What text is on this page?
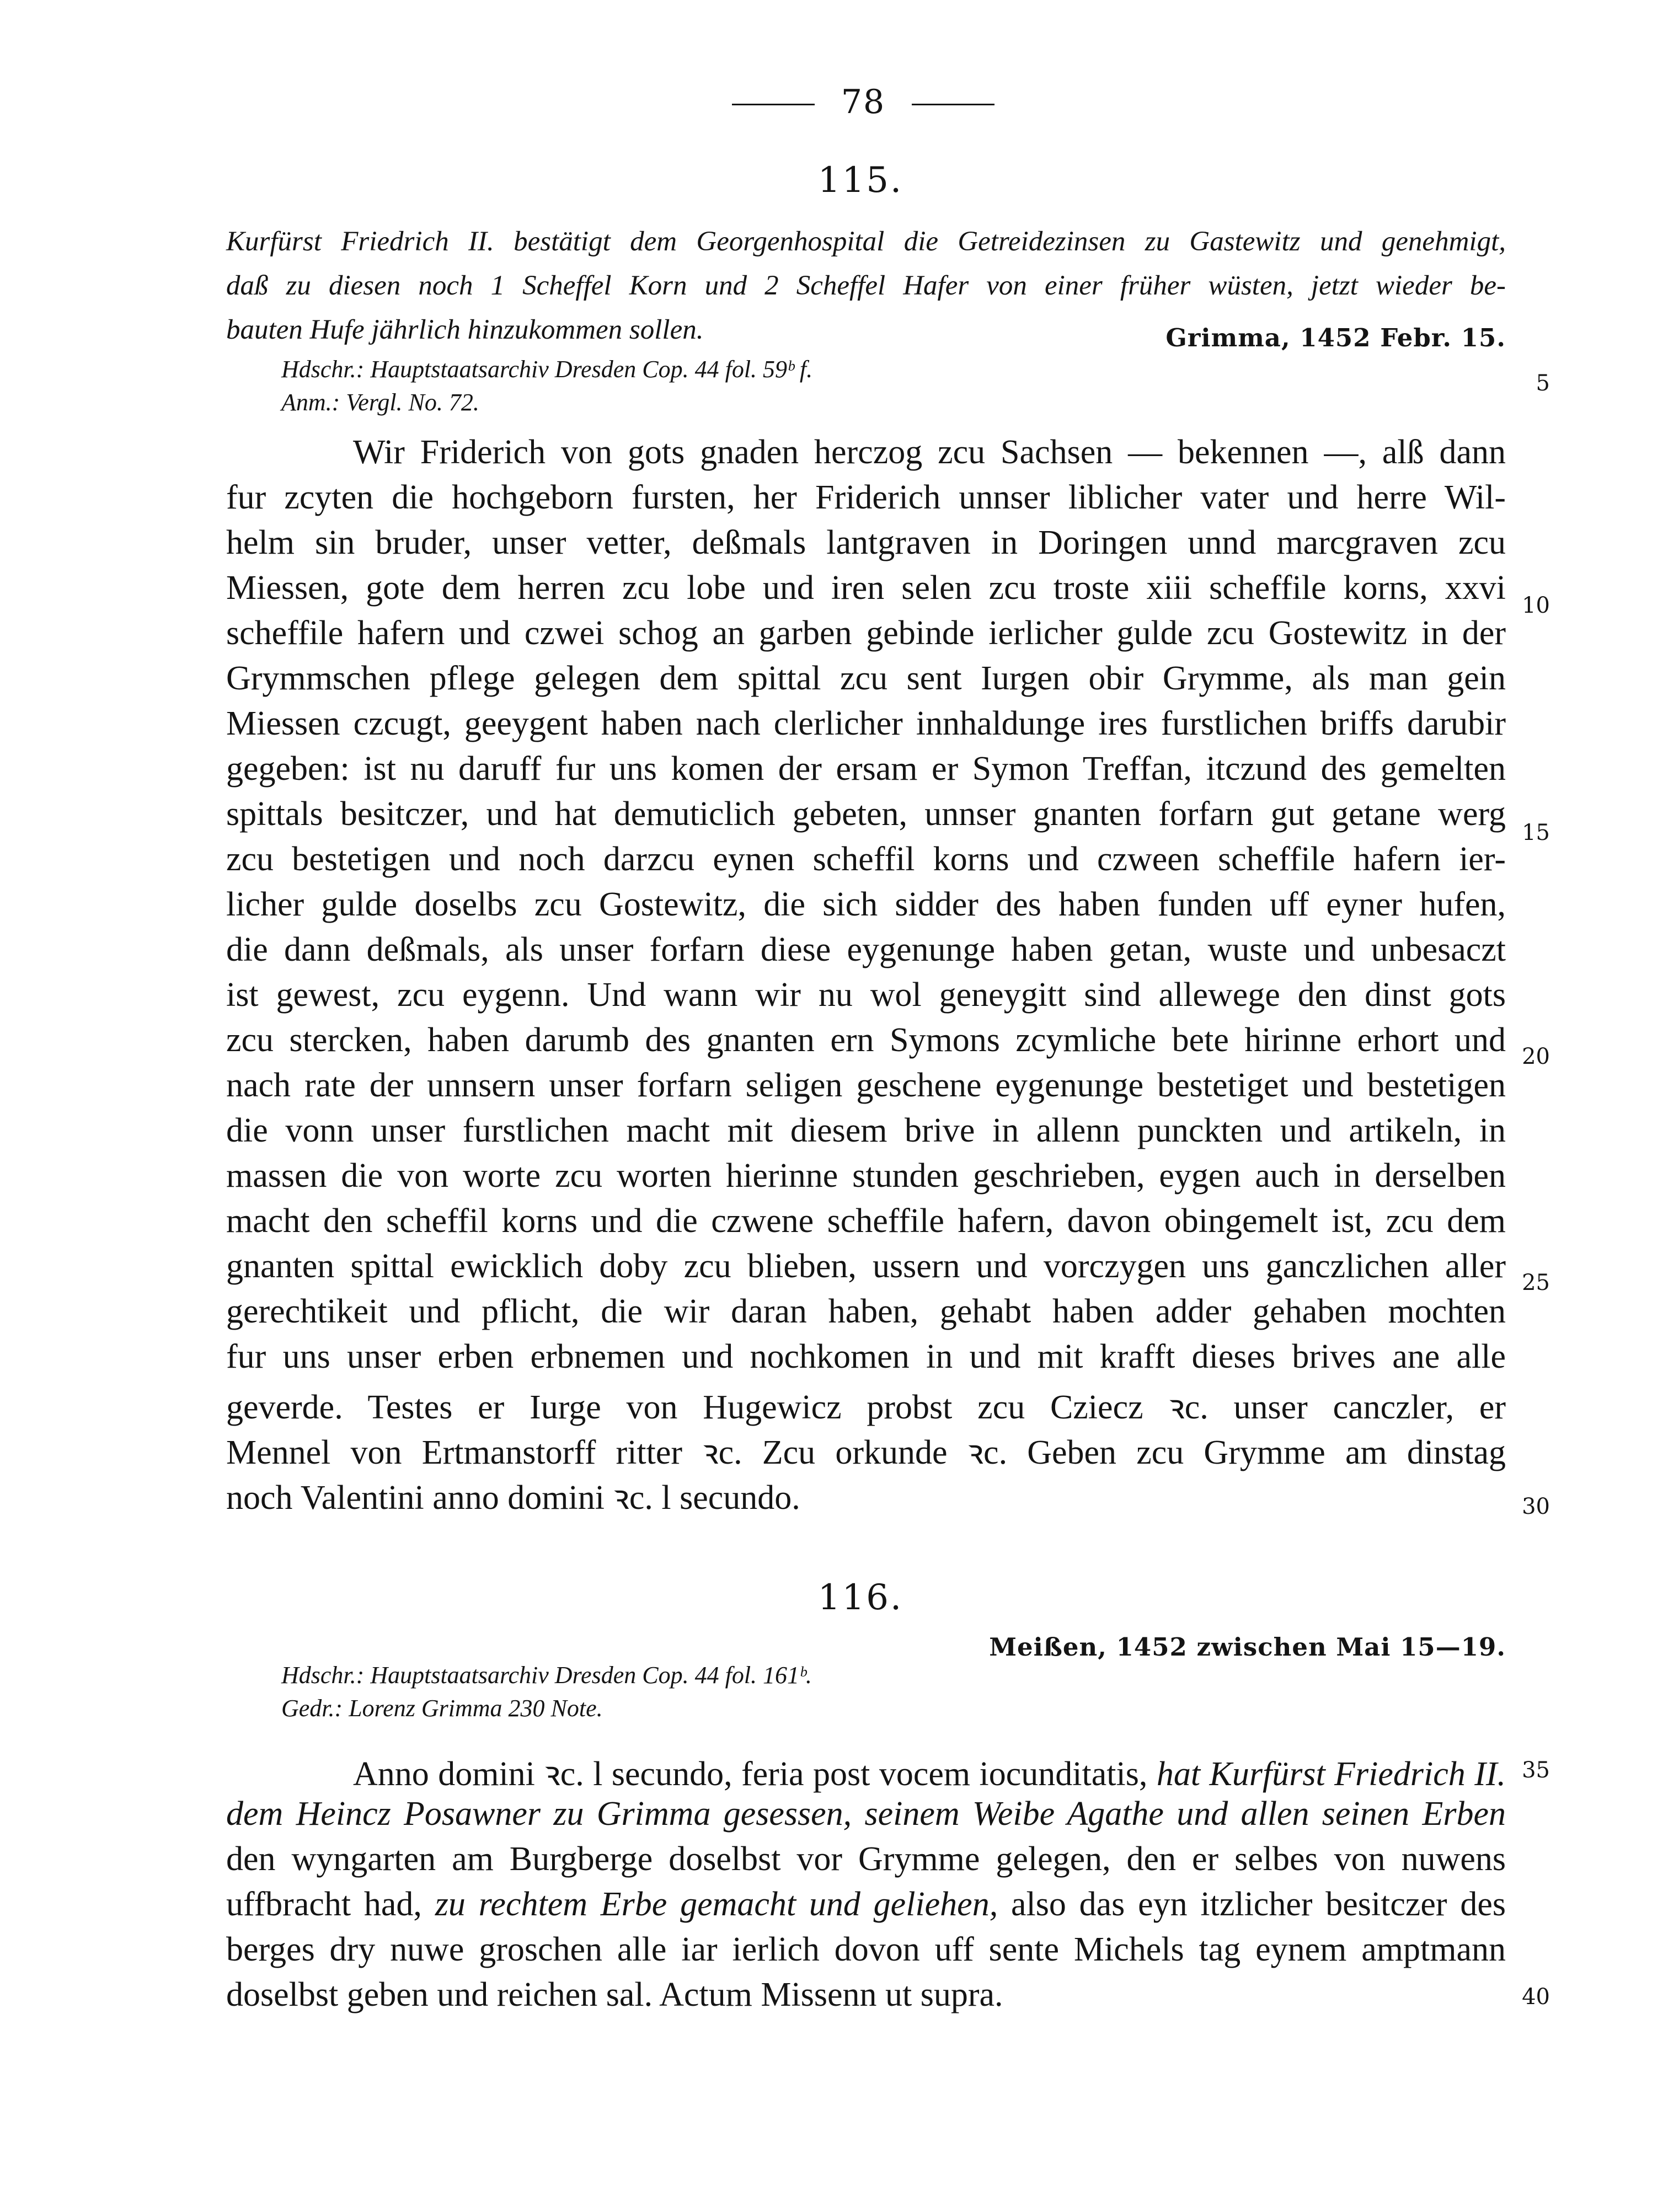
78
115.
Kurfürst Friedrich II. bestätigt dem Georgenhospital die Getreidezinsen zu Gastewitz und genehmigt,
daß zu diesen noch 1 Scheffel Korn und 2 Scheffel Hafer von einer früher wüsten, jetzt wieder be-
bauten Hufe jährlich hinzukommen sollen.	Grimma, 1452 Febr. 15.
Hdschr.: Hauptstaatsarchiv Dresden Cop. 44 fol. 59ᵇ f.
Anm.: Vergl. No. 72.
Wir Friderich von gots gnaden herczog zcu Sachsen — bekennen —, alß dann
fur zcyten die hochgeborn fursten, her Friderich unnser liblicher vater und herre Wil-
helm sin bruder, unser vetter, deßmals lantgraven in Doringen unnd marcgraven zcu
Miessen, gote dem herren zcu lobe und iren selen zcu troste xiii scheffile korns, xxvi
scheffile hafern und czwei schog an garben gebinde ierlicher gulde zcu Gostewitz in der
Grymmschen pflege gelegen dem spittal zcu sent Iurgen obir Grymme, als man gein
Miessen czcugt, geeygent haben nach clerlicher innhaldunge ires furstlichen briffs darubir
gegeben: ist nu daruff fur uns komen der ersam er Symon Treffan, itczund des gemelten
spittals besitczer, und hat demuticlich gebeten, unnser gnanten forfarn gut getane werg
zcu bestetigen und noch darzcu eynen scheffil korns und czween scheffile hafern ier-
licher gulde doselbs zcu Gostewitz, die sich sidder des haben funden uff eyner hufen,
die dann deßmals, als unser forfarn diese eygenunge haben getan, wuste und unbesaczt
ist gewest, zcu eygenn. Und wann wir nu wol geneygitt sind allewege den dinst gots
zcu stercken, haben darumb des gnanten ern Symons zcymliche bete hirinne erhort und
nach rate der unnsern unser forfarn seligen geschene eygenunge bestetiget und bestetigen
die vonn unser furstlichen macht mit diesem brive in allenn punckten und artikeln, in
massen die von worte zcu worten hierinne stunden geschrieben, eygen auch in derselben
macht den scheffil korns und die czwene scheffile hafern, davon obingemelt ist, zcu dem
gnanten spittal ewicklich doby zcu blieben, ussern und vorczygen uns ganczlichen aller
gerechtikeit und pflicht, die wir daran haben, gehabt haben adder gehaben mochten
fur uns unser erben erbnemen und nochkomen in und mit krafft dieses brives ane alle
geverde. Testes er Iurge von Hugewicz probst zcu Cziecz ꝛc. unser canczler, er
Mennel von Ertmanstorff ritter ꝛc. Zcu orkunde ꝛc. Geben zcu Grymme am dinstag
noch Valentini anno domini ꝛc. l secundo.
116.
Meißen, 1452 zwischen Mai 15—19.
Hdschr.: Hauptstaatsarchiv Dresden Cop. 44 fol. 161ᵇ.
Gedr.: Lorenz Grimma 230 Note.
Anno domini ꝛc. l secundo, feria post vocem iocunditatis, hat Kurfürst Friedrich II.
dem Heincz Posawner zu Grimma gesessen, seinem Weibe Agathe und allen seinen Erben
den wyngarten am Burgberge doselbst vor Grymme gelegen, den er selbes von nuwens
uffbracht had, zu rechtem Erbe gemacht und geliehen, also das eyn itzlicher besitczer des
berges dry nuwe groschen alle iar ierlich dovon uff sente Michels tag eynem amptmann
doselbst geben und reichen sal. Actum Missenn ut supra.
5
10
15
20
25
30
35
40
